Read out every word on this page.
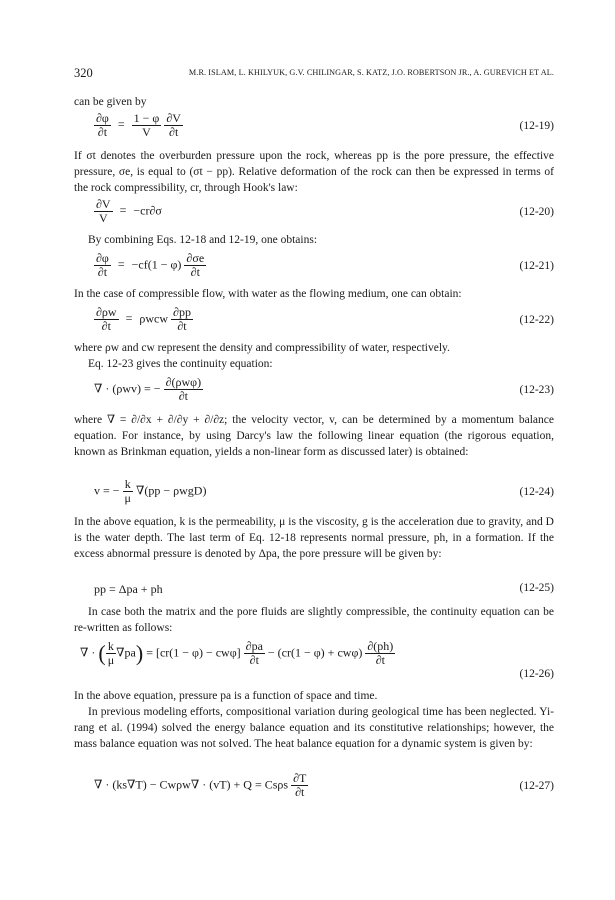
320	M.R. ISLAM, L. KHILYUK, G.V. CHILINGAR, S. KATZ, J.O. ROBERTSON JR., A. GUREVICH ET AL.
can be given by
$\frac{\partial\varphi}{\partial t} = \frac{1 - \varphi}{V}$
$\frac{\partial V}{\partial t}$	(12-19)
If σt denotes the overburden pressure upon the rock, whereas pp is the pore pressure, the effective pressure, σe, is equal to (σt − pp). Relative deformation of the rock can then be expressed in terms of the rock compressibility, cr, through Hook's law:
$\frac{\partial V}{V} = -cr\partial\sigma$	(12-20)
By combining Eqs. 12-18 and 12-19, one obtains:
$\frac{\partial\varphi}{\partial t} = -cf(1 - \varphi) \frac{\partial\sigma e}{\partial t}$	(12-21)
In the case of compressible flow, with water as the flowing medium, one can obtain:
$\frac{\partial\rho w}{\partial t} = \rho wcw \frac{\partial pp}{\partial t}$	(12-22)
where ρw and cw represent the density and compressibility of water, respectively.
Eq. 12-23 gives the continuity equation:
∇ · (ρwv) = − $\frac{\text{∂(ρwφ)}}{\partial t}$	(12-23)
where ∇ = ∂/∂x + ∂/∂y + ∂/∂z; the velocity vector, v, can be determined by a momentum balance equation. For instance, by using Darcy's law the following linear equation (the rigorous equation, known as Brinkman equation, yields a non-linear form as discussed later) is obtained:
v = − $\frac{k}{\mu} \nabla(pp - \rho wgD)$	(12-24)
In the above equation, k is the permeability, μ is the viscosity, g is the acceleration due to gravity, and D is the water depth. The last term of Eq. 12-18 represents normal pressure, ph, in a formation. If the excess abnormal pressure is denoted by Δpa, the pore pressure will be given by:
pp = Δpa + ph	(12-25)
In case both the matrix and the pore fluids are slightly compressible, the continuity equation can be re-written as follows:
∇ · ( $\frac{k}{\mu} \nabla pa) = [cr(1 - \varphi) - cw\varphi] \frac{\partial pa}{\partial t} - (cr(1 - \varphi) + cw\varphi) \frac{\partial(ph)}{\partial t}$
(12-26)
In the above equation, pressure pa is a function of space and time.
In previous modeling efforts, compositional variation during geological time has been neglected. Yi-rang et al. (1994) solved the energy balance equation and its constitutive relationships; however, the mass balance equation was not solved. The heat balance equation for a dynamic system is given by:
∇ · (ks∇T) − Cwρw∇ · (vT) + Q = Csρs $\frac{\partial T}{\partial t}$	(12-27)
